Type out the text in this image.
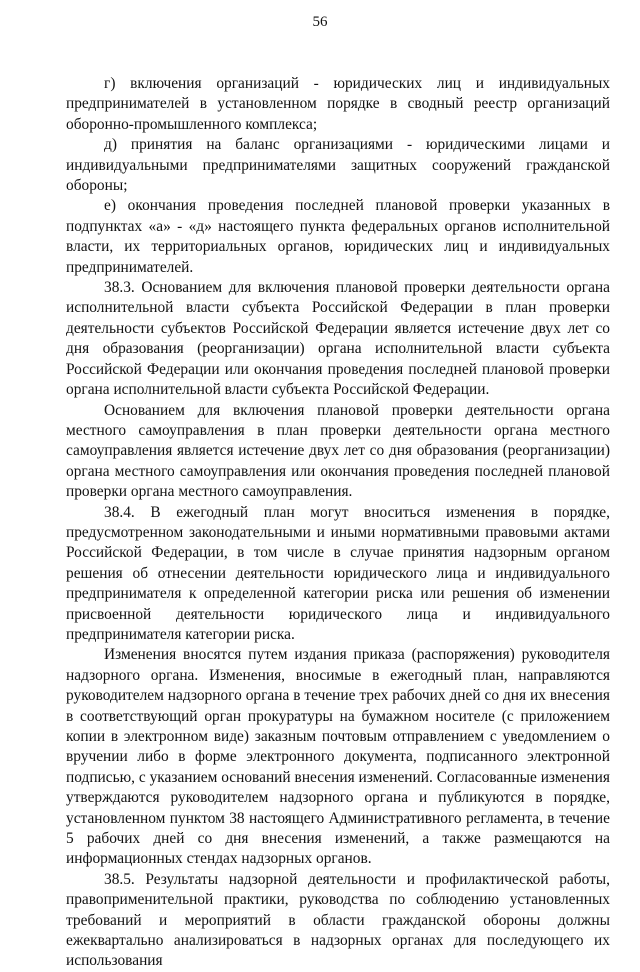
56

г) включения организаций - юридических лиц и индивидуальных предпринимателей в установленном порядке в сводный реестр организаций оборонно-промышленного комплекса;

д) принятия на баланс организациями - юридическими лицами и индивидуальными предпринимателями защитных сооружений гражданской обороны;

е) окончания проведения последней плановой проверки указанных в подпунктах «а» - «д» настоящего пункта федеральных органов исполнительной власти, их территориальных органов, юридических лиц и индивидуальных предпринимателей.

38.3. Основанием для включения плановой проверки деятельности органа исполнительной власти субъекта Российской Федерации в план проверки деятельности субъектов Российской Федерации является истечение двух лет со дня образования (реорганизации) органа исполнительной власти субъекта Российской Федерации или окончания проведения последней плановой проверки органа исполнительной власти субъекта Российской Федерации.

Основанием для включения плановой проверки деятельности органа местного самоуправления в план проверки деятельности органа местного самоуправления является истечение двух лет со дня образования (реорганизации) органа местного самоуправления или окончания проведения последней плановой проверки органа местного самоуправления.

38.4. В ежегодный план могут вноситься изменения в порядке, предусмотренном законодательными и иными нормативными правовыми актами Российской Федерации, в том числе в случае принятия надзорным органом решения об отнесении деятельности юридического лица и индивидуального предпринимателя к определенной категории риска или решения об изменении присвоенной деятельности юридического лица и индивидуального предпринимателя категории риска.

Изменения вносятся путем издания приказа (распоряжения) руководителя надзорного органа. Изменения, вносимые в ежегодный план, направляются руководителем надзорного органа в течение трех рабочих дней со дня их внесения в соответствующий орган прокуратуры на бумажном носителе (с приложением копии в электронном виде) заказным почтовым отправлением с уведомлением о вручении либо в форме электронного документа, подписанного электронной подписью, с указанием оснований внесения изменений. Согласованные изменения утверждаются руководителем надзорного органа и публикуются в порядке, установленном пунктом 38 настоящего Административного регламента, в течение 5 рабочих дней со дня внесения изменений, а также размещаются на информационных стендах надзорных органов.

38.5. Результаты надзорной деятельности и профилактической работы, правоприменительной практики, руководства по соблюдению установленных требований и мероприятий в области гражданской обороны должны ежеквартально анализироваться в надзорных органах для последующего их использования
